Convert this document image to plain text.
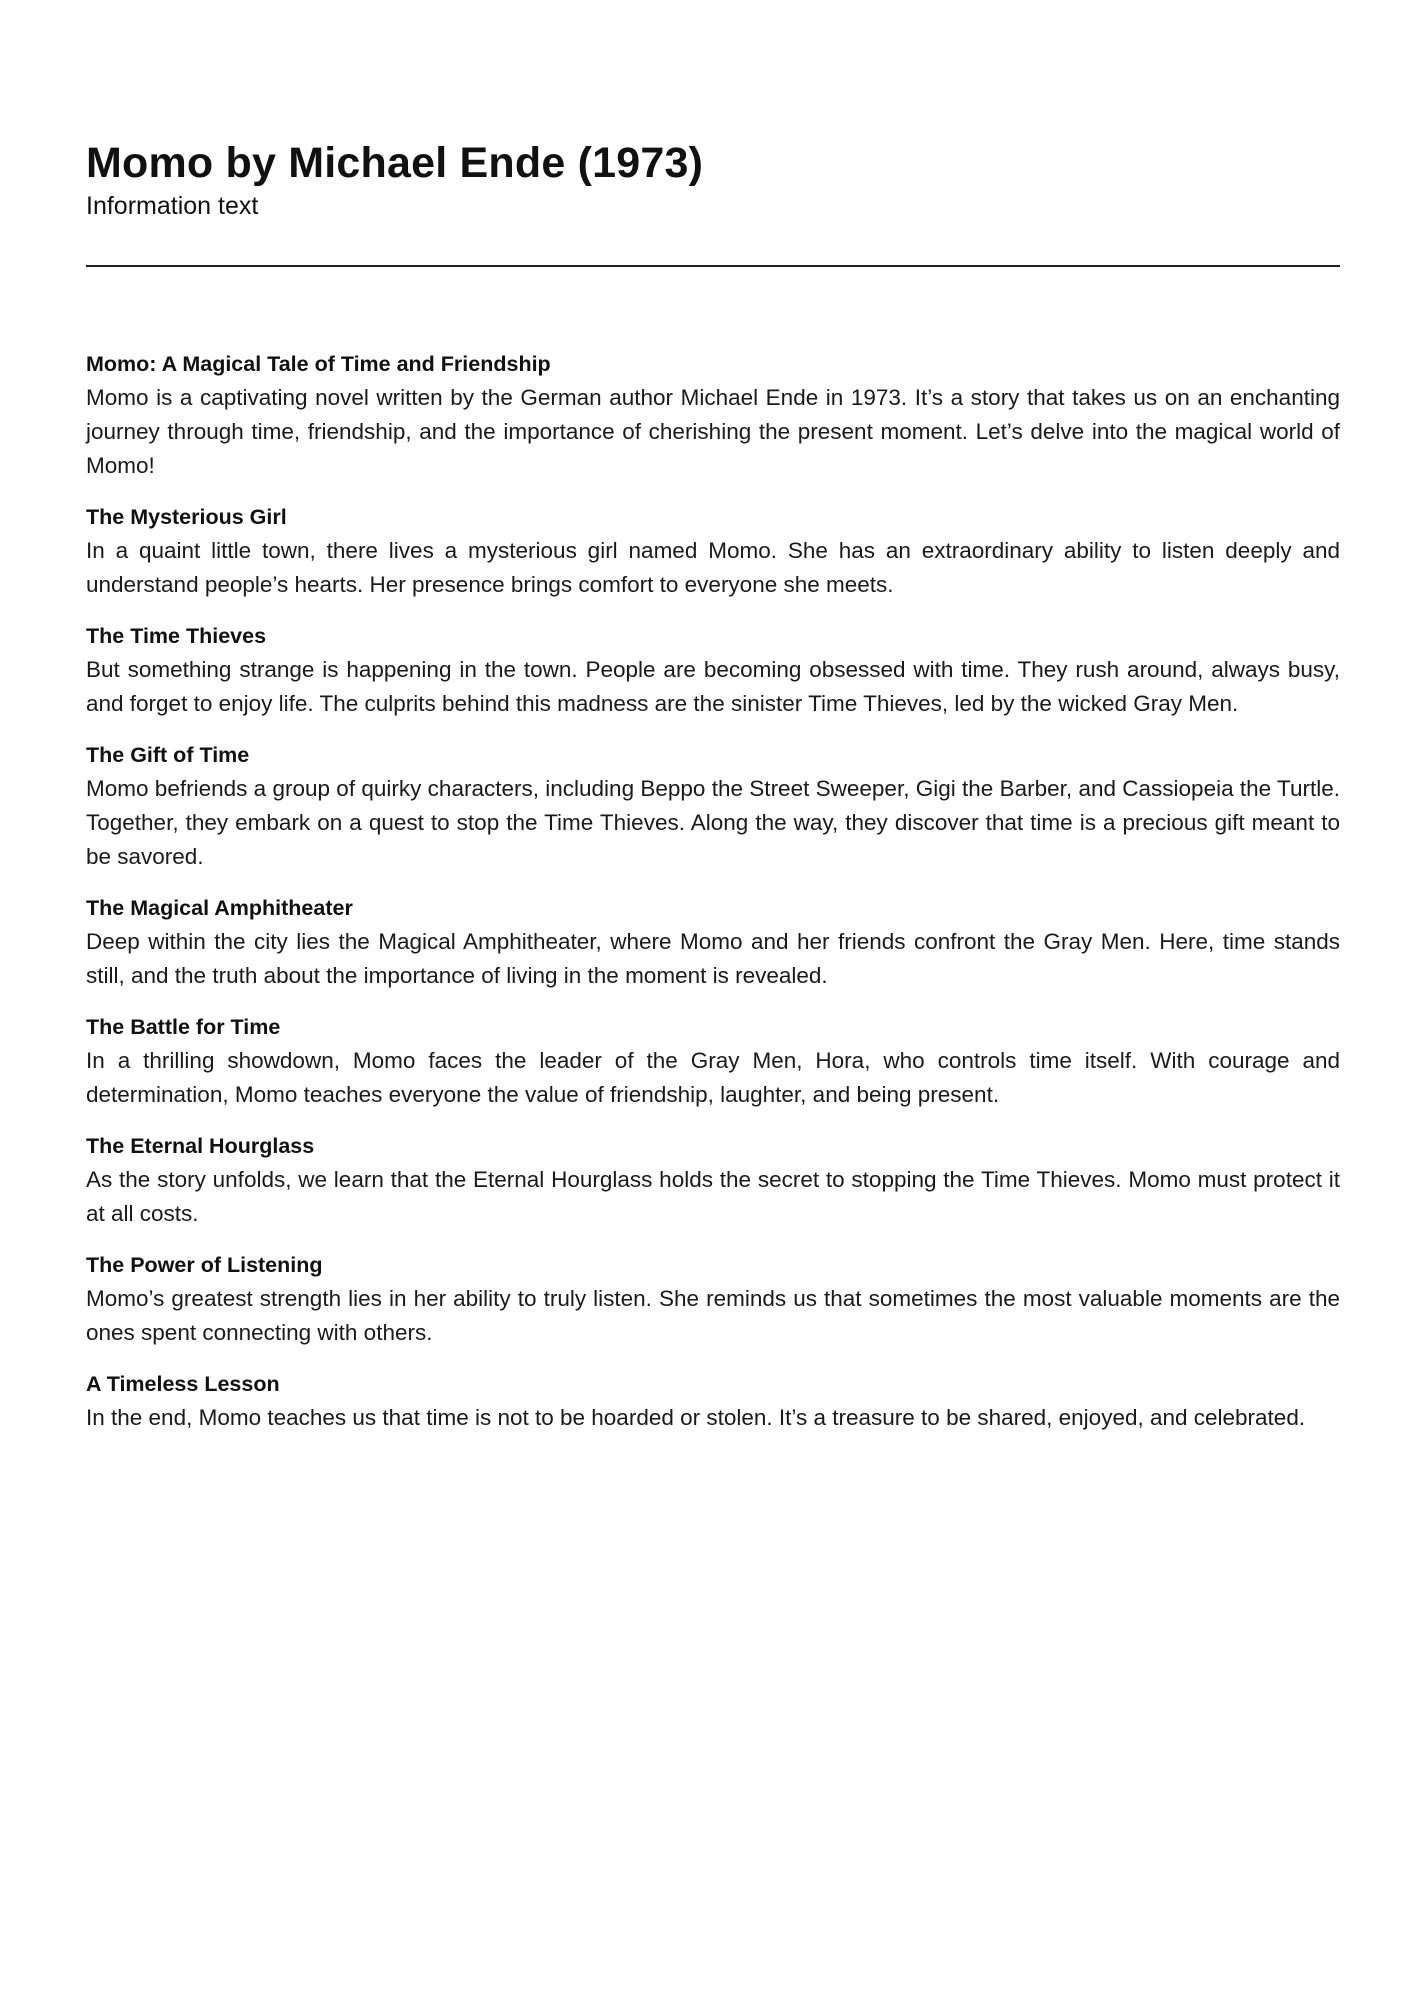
Momo by Michael Ende (1973)

Information text

Momo: A Magical Tale of Time and Friendship

Momo is a captivating novel written by the German author Michael Ende in 1973. It’s a story that takes us on an enchanting journey through time, friendship, and the importance of cherishing the present moment. Let’s delve into the magical world of Momo!

The Mysterious Girl

In a quaint little town, there lives a mysterious girl named Momo. She has an extraordinary ability to listen deeply and understand people’s hearts. Her presence brings comfort to everyone she meets.

The Time Thieves

But something strange is happening in the town. People are becoming obsessed with time. They rush around, always busy, and forget to enjoy life. The culprits behind this madness are the sinister Time Thieves, led by the wicked Gray Men.

The Gift of Time

Momo befriends a group of quirky characters, including Beppo the Street Sweeper, Gigi the Barber, and Cassiopeia the Turtle. Together, they embark on a quest to stop the Time Thieves. Along the way, they discover that time is a precious gift meant to be savored.

The Magical Amphitheater

Deep within the city lies the Magical Amphitheater, where Momo and her friends confront the Gray Men. Here, time stands still, and the truth about the importance of living in the moment is revealed.

The Battle for Time

In a thrilling showdown, Momo faces the leader of the Gray Men, Hora, who controls time itself. With courage and determination, Momo teaches everyone the value of friendship, laughter, and being present.

The Eternal Hourglass

As the story unfolds, we learn that the Eternal Hourglass holds the secret to stopping the Time Thieves. Momo must protect it at all costs.

The Power of Listening

Momo’s greatest strength lies in her ability to truly listen. She reminds us that sometimes the most valuable moments are the ones spent connecting with others.

A Timeless Lesson

In the end, Momo teaches us that time is not to be hoarded or stolen. It’s a treasure to be shared, enjoyed, and celebrated.
